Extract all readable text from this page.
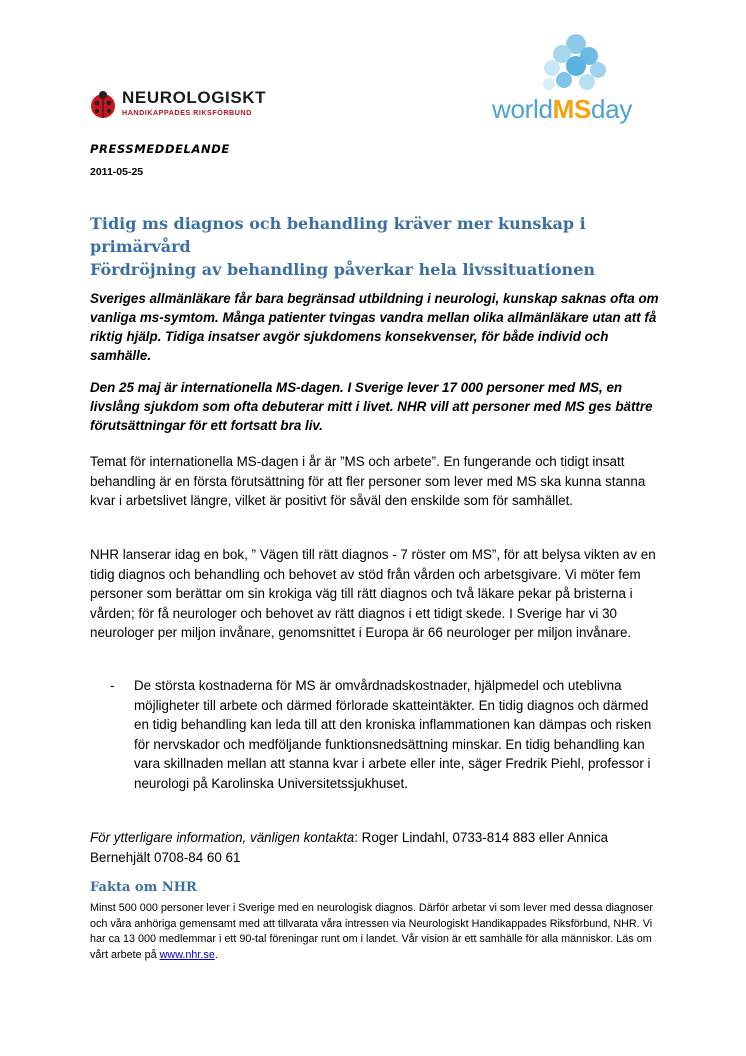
NEUROLOGISKT
HANDIKAPPADES RIKSFÖRBUND	worldMSday
PRESSMEDDELANDE
2011-05-25
Tidig ms diagnos och behandling kräver mer kunskap i primärvård
Fördröjning av behandling påverkar hela livssituationen
Sveriges allmänläkare får bara begränsad utbildning i neurologi, kunskap saknas ofta om vanliga ms-symtom. Många patienter tvingas vandra mellan olika allmänläkare utan att få riktig hjälp. Tidiga insatser avgör sjukdomens konsekvenser, för både individ och samhälle.
Den 25 maj är internationella MS-dagen. I Sverige lever 17 000 personer med MS, en livslång sjukdom som ofta debuterar mitt i livet. NHR vill att personer med MS ges bättre förutsättningar för ett fortsatt bra liv.
Temat för internationella MS-dagen i år är ”MS och arbete”. En fungerande och tidigt insatt behandling är en första förutsättning för att fler personer som lever med MS ska kunna stanna kvar i arbetslivet längre, vilket är positivt för såväl den enskilde som för samhället.
NHR lanserar idag en bok, ” Vägen till rätt diagnos - 7 röster om MS”, för att belysa vikten av en tidig diagnos och behandling och behovet av stöd från vården och arbetsgivare. Vi möter fem personer som berättar om sin krokiga väg till rätt diagnos och två läkare pekar på bristerna i vården; för få neurologer och behovet av rätt diagnos i ett tidigt skede. I Sverige har vi 30 neurologer per miljon invånare, genomsnittet i Europa är 66 neurologer per miljon invånare.
- De största kostnaderna för MS är omvårdnadskostnader, hjälpmedel och uteblivna möjligheter till arbete och därmed förlorade skatteintäkter. En tidig diagnos och därmed en tidig behandling kan leda till att den kroniska inflammationen kan dämpas och risken för nervskador och medföljande funktionsnedsättning minskar. En tidig behandling kan vara skillnaden mellan att stanna kvar i arbete eller inte, säger Fredrik Piehl, professor i neurologi på Karolinska Universitetssjukhuset.
För ytterligare information, vänligen kontakta: Roger Lindahl, 0733-814 883 eller Annica Bernehjält 0708-84 60 61
Fakta om NHR
Minst 500 000 personer lever i Sverige med en neurologisk diagnos. Därför arbetar vi som lever med dessa diagnoser och våra anhöriga gemensamt med att tillvarata våra intressen via Neurologiskt Handikappades Riksförbund, NHR. Vi har ca 13 000 medlemmar i ett 90-tal föreningar runt om i landet. Vår vision är ett samhälle för alla människor. Läs om vårt arbete på www.nhr.se.
